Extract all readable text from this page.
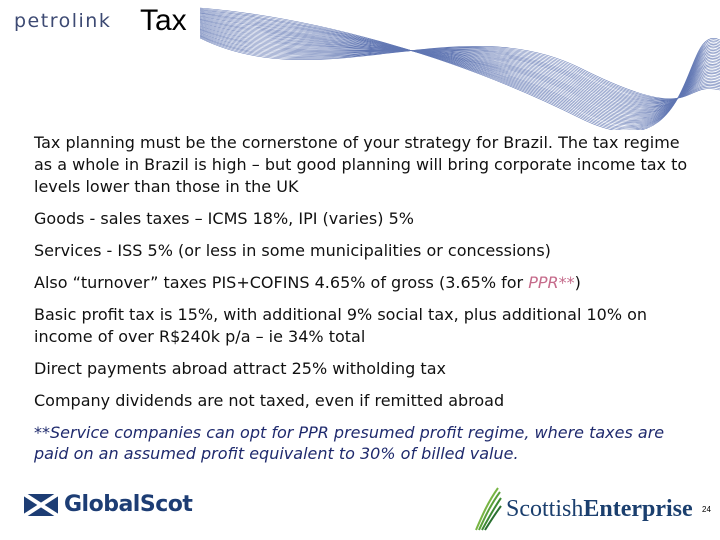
petrolink Tax

Tax planning must be the cornerstone of your strategy for Brazil. The tax regime as a whole in Brazil is high – but good planning will bring corporate income tax to levels lower than those in the UK

Goods - sales taxes – ICMS 18%, IPI (varies) 5%

Services - ISS 5% (or less in some municipalities or concessions)

Also “turnover” taxes PIS+COFINS 4.65% of gross (3.65% for PPR**)

Basic profit tax is 15%, with additional 9% social tax, plus additional 10% on income of over R$240k p/a – ie 34% total

Direct payments abroad attract 25% witholding tax

Company dividends are not taxed, even if remitted abroad

**Service companies can opt for PPR presumed profit regime, where taxes are paid on an assumed profit equivalent to 30% of billed value.

GlobalScot	ScottishEnterprise 24
